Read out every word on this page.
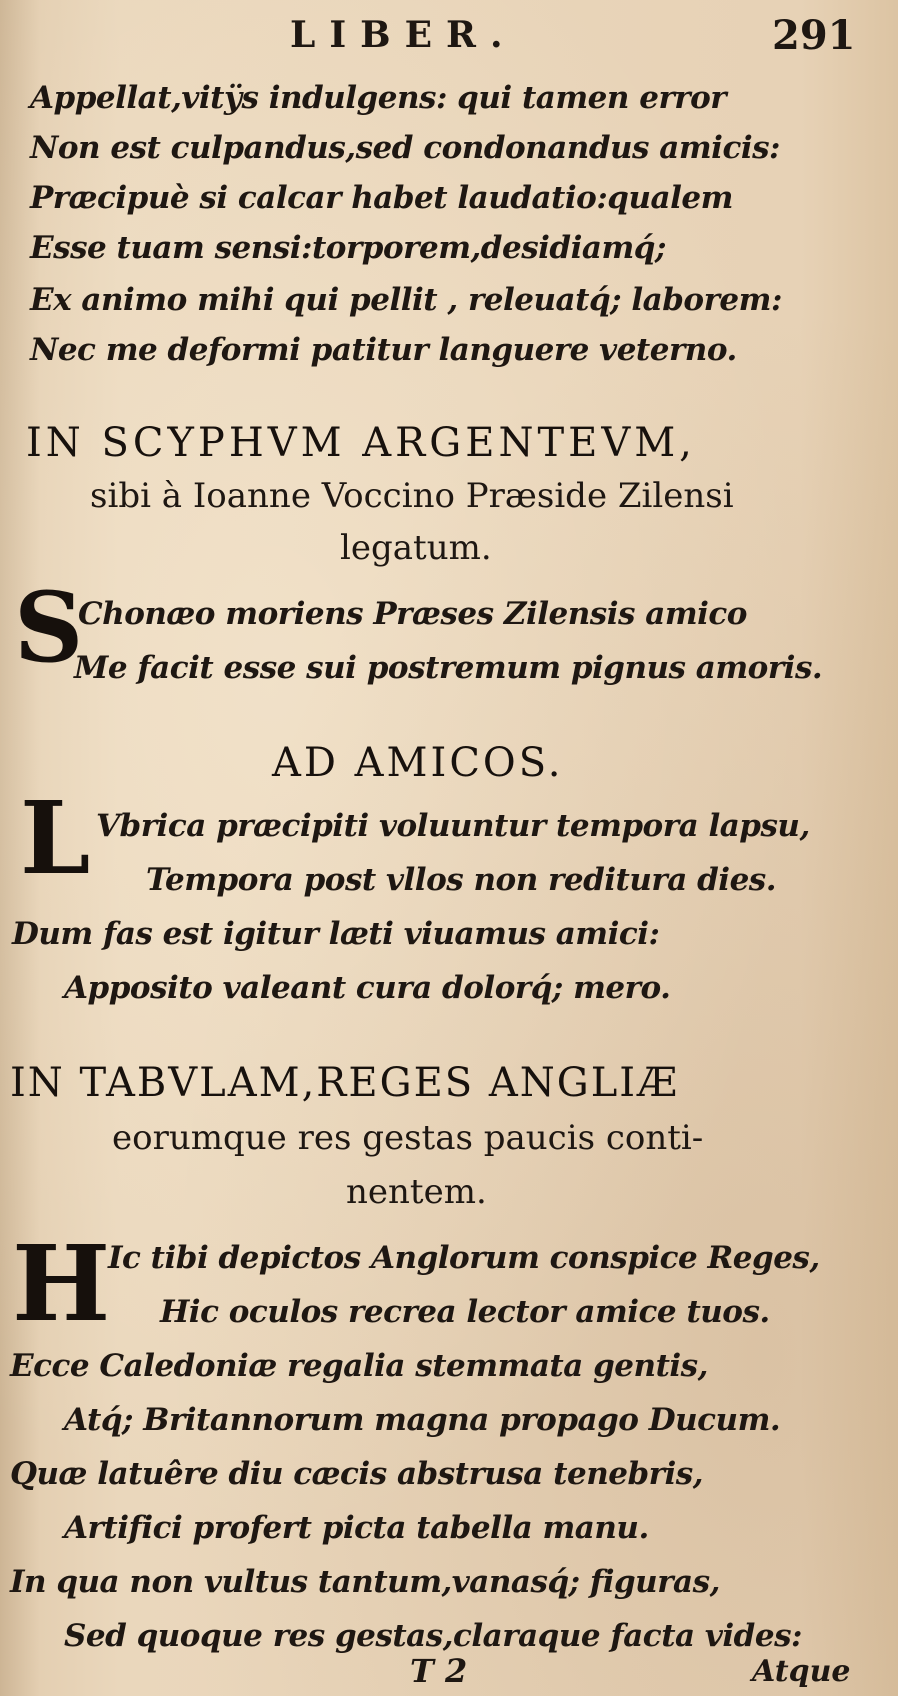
LIBER.	291
Appellat,vitÿs indulgens: qui tamen error
Non est culpandus,sed condonandus amicis:
Præcipuè si calcar habet laudatio:qualem
Esse tuam sensi:torporem,desidiamq́;
Ex animo mihi qui pellit , releuatq́; laborem:
Nec me deformi patitur languere veterno.
IN SCYPHVM ARGENTEVM,
sibi à Ioanne Voccino Præside Zilensi
legatum.
S
Chonæo moriens Præses Zilensis amico
Me facit esse sui postremum pignus amoris.
AD AMICOS.
L Vbrica præcipiti voluuntur tempora lapsu,
Tempora post vllos non reditura dies.
Dum fas est igitur læti viuamus amici:
Apposito valeant cura dolorq́; mero.
IN TABVLAM,REGES ANGLIÆ
eorumque res gestas paucis conti-
nentem.
H
Ic tibi depictos Anglorum conspice Reges,
Hic oculos recrea lector amice tuos.
Ecce Caledoniæ regalia stemmata gentis,
Atq́; Britannorum magna propago Ducum.
Quæ latuêre diu cæcis abstrusa tenebris,
Artifici profert picta tabella manu.
In qua non vultus tantum,vanasq́; figuras,
Sed quoque res gestas,claraque facta vides:
T 2	Atque
